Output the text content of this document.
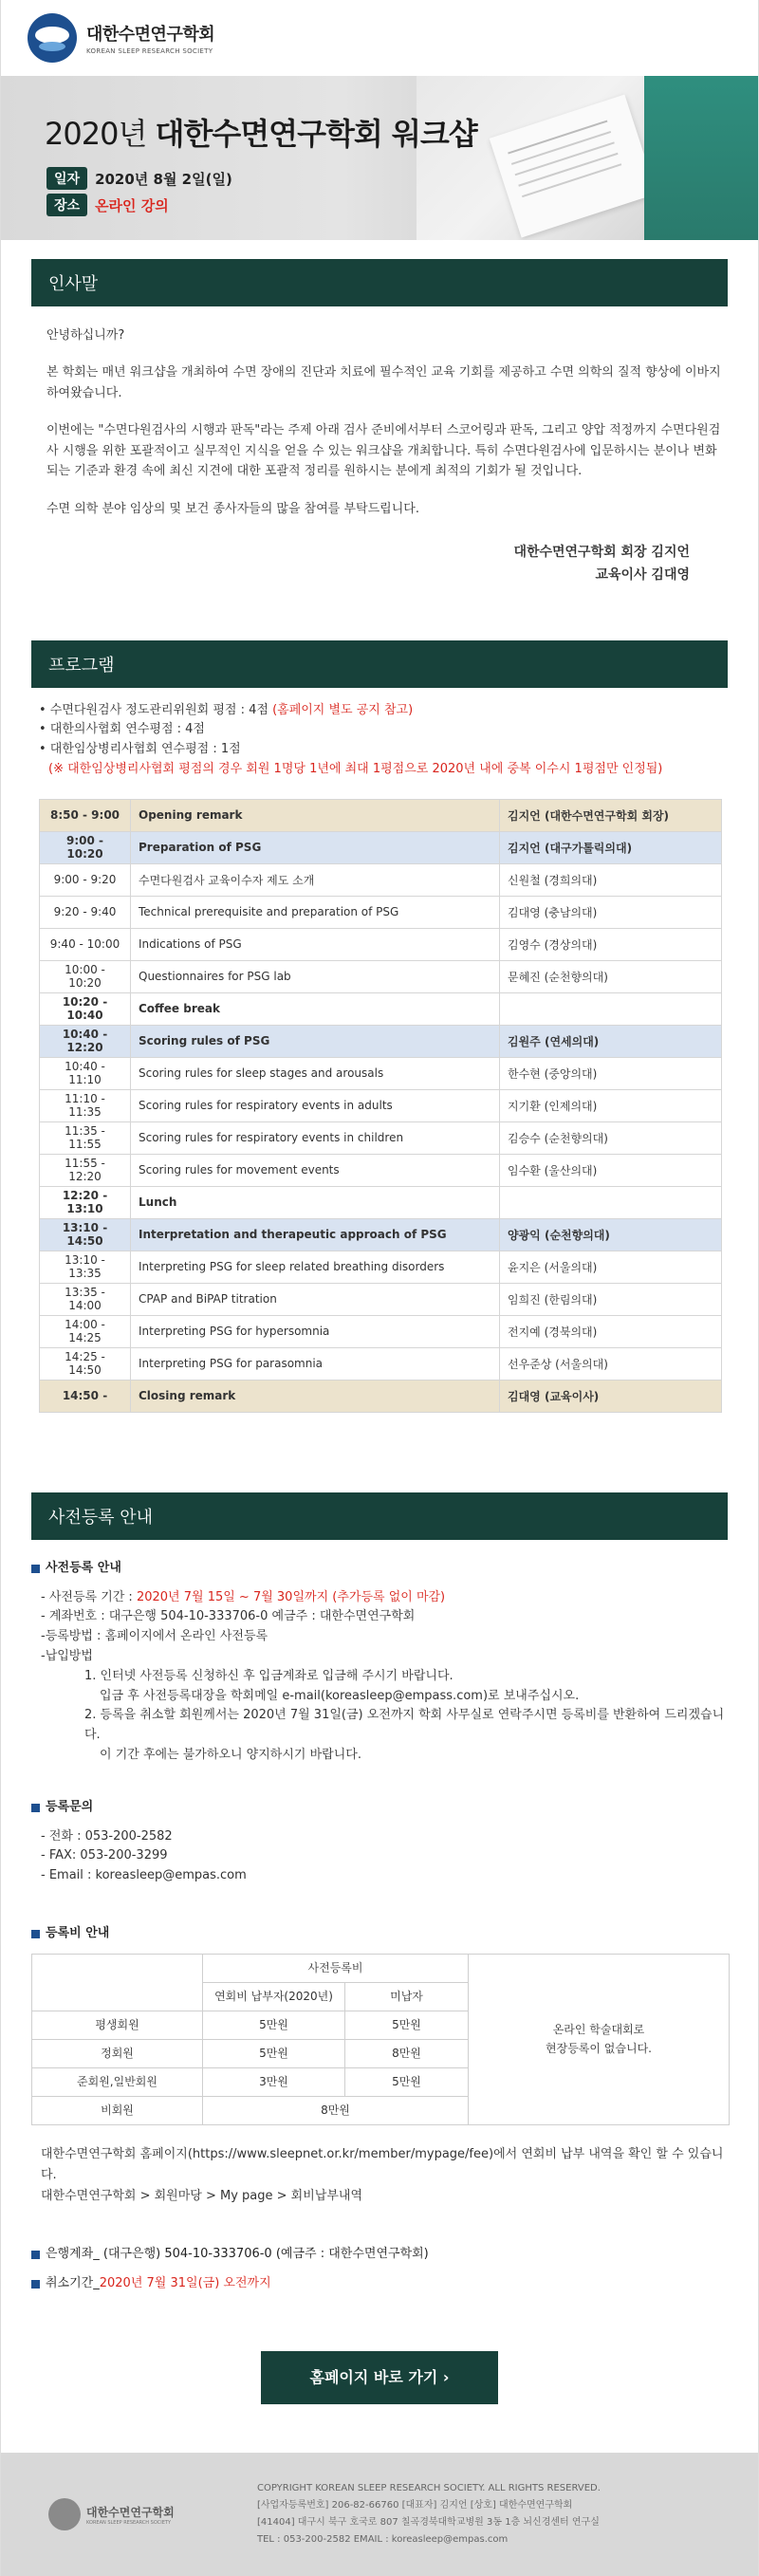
대한수면연구학회
KOREAN SLEEP RESEARCH SOCIETY
2020년 대한수면연구학회 워크샵
일자	2020년 8월 2일(일)
장소	온라인 강의
인사말

안녕하십니까?

본 학회는 매년 워크샵을 개최하여 수면 장애의 진단과 치료에 필수적인 교육 기회를 제공하고 수면 의학의 질적 향상에 이바지하여왔습니다.

이번에는 "수면다원검사의 시행과 판독"라는 주제 아래 검사 준비에서부터 스코어링과 판독, 그리고 양압 적정까지 수면다원검사 시행을 위한 포괄적이고 실무적인 지식을 얻을 수 있는 워크샵을 개최합니다. 특히 수면다원검사에 입문하시는 분이나 변화되는 기준과 환경 속에 최신 지견에 대한 포괄적 정리를 원하시는 분에게 최적의 기회가 될 것입니다.

수면 의학 분야 임상의 및 보건 종사자들의 많을 참여를 부탁드립니다.

대한수면연구학회 회장 김지언
교육이사 김대영
프로그램
• 수면다원검사 정도관리위원회 평점 : 4점 (홈페이지 별도 공지 참고)
• 대한의사협회 연수평점 : 4점
• 대한임상병리사협회 연수평점 : 1점
(※ 대한임상병리사협회 평점의 경우 회원 1명당 1년에 최대 1평점으로 2020년 내에 중복 이수시 1평점만 인정됨)
8:50 - 9:00	Opening remark	김지언 (대한수면연구학회 회장)
9:00 - 10:20	Preparation of PSG	김지언 (대구가톨릭의대)
9:00 - 9:20	수면다원검사 교육이수자 제도 소개	신원철 (경희의대)
9:20 - 9:40	Technical prerequisite and preparation of PSG	김대영 (충남의대)
9:40 - 10:00	Indications of PSG	김영수 (경상의대)
10:00 - 10:20	Questionnaires for PSG lab	문혜진 (순천향의대)
10:20 - 10:40	Coffee break	
10:40 - 12:20	Scoring rules of PSG	김원주 (연세의대)
10:40 - 11:10	Scoring rules for sleep stages and arousals	한수현 (중앙의대)
11:10 - 11:35	Scoring rules for respiratory events in adults	지기환 (인제의대)
11:35 - 11:55	Scoring rules for respiratory events in children	김승수 (순천향의대)
11:55 - 12:20	Scoring rules for movement events	임수환 (울산의대)
12:20 - 13:10	Lunch	
13:10 - 14:50	Interpretation and therapeutic approach of PSG	양광익 (순천향의대)
13:10 - 13:35	Interpreting PSG for sleep related breathing disorders	윤지은 (서울의대)
13:35 - 14:00	CPAP and BiPAP titration	임희진 (한림의대)
14:00 - 14:25	Interpreting PSG for hypersomnia	전지예 (경북의대)
14:25 - 14:50	Interpreting PSG for parasomnia	선우준상 (서울의대)
14:50 -	Closing remark	김대영 (교육이사)
사전등록 안내
사전등록 안내
- 사전등록 기간 : 2020년 7월 15일 ~ 7월 30일까지 (추가등록 없이 마감)
- 계좌번호 : 대구은행 504-10-333706-0 예금주 : 대한수면연구학회
-등록방법 : 홈페이지에서 온라인 사전등록
-납입방법
1. 인터넷 사전등록 신청하신 후 입금계좌로 입금해 주시기 바랍니다.
입금 후 사전등록대장을 학회메일 e-mail(koreasleep@empass.com)로 보내주십시오.
2. 등록을 취소할 회원께서는 2020년 7월 31일(금) 오전까지 학회 사무실로 연락주시면 등록비를 반환하여 드리겠습니다.
이 기간 후에는 불가하오니 양지하시기 바랍니다.
등록문의
- 전화 : 053-200-2582
- FAX: 053-200-3299
- Email : koreasleep@empas.com
등록비 안내
	사전등록비		온라인 학술대회로
현장등록이 없습니다.

	연회비 납부자(2020년)	미납자	
평생회원	5만원	5만원	
정회원	5만원	8만원	
준회원,일반회원	3만원	5만원	
비회원	8만원		
대한수면연구학회 홈페이지(https://www.sleepnet.or.kr/member/mypage/fee)에서 연회비 납부 내역을 확인 할 수 있습니다.
대한수면연구학회 > 회원마당 > My page > 회비납부내역
은행계좌_ (대구은행) 504-10-333706-0 (예금주 : 대한수면연구학회)
취소기간_ 2020년 7월 31일(금) 오전까지
홈페이지 바로 가기 ›
대한수면연구학회
KOREAN SLEEP RESEARCH SOCIETY
COPYRIGHT KOREAN SLEEP RESEARCH SOCIETY. ALL RIGHTS RESERVED.
[사업자등록번호] 206-82-66760 [대표자] 김지언 [상호] 대한수면연구학회
[41404] 대구시 북구 호국로 807 칠곡경북대학교병원 3동 1층 뇌신경센터 연구실
TEL : 053-200-2582 EMAIL : koreasleep@empas.com
